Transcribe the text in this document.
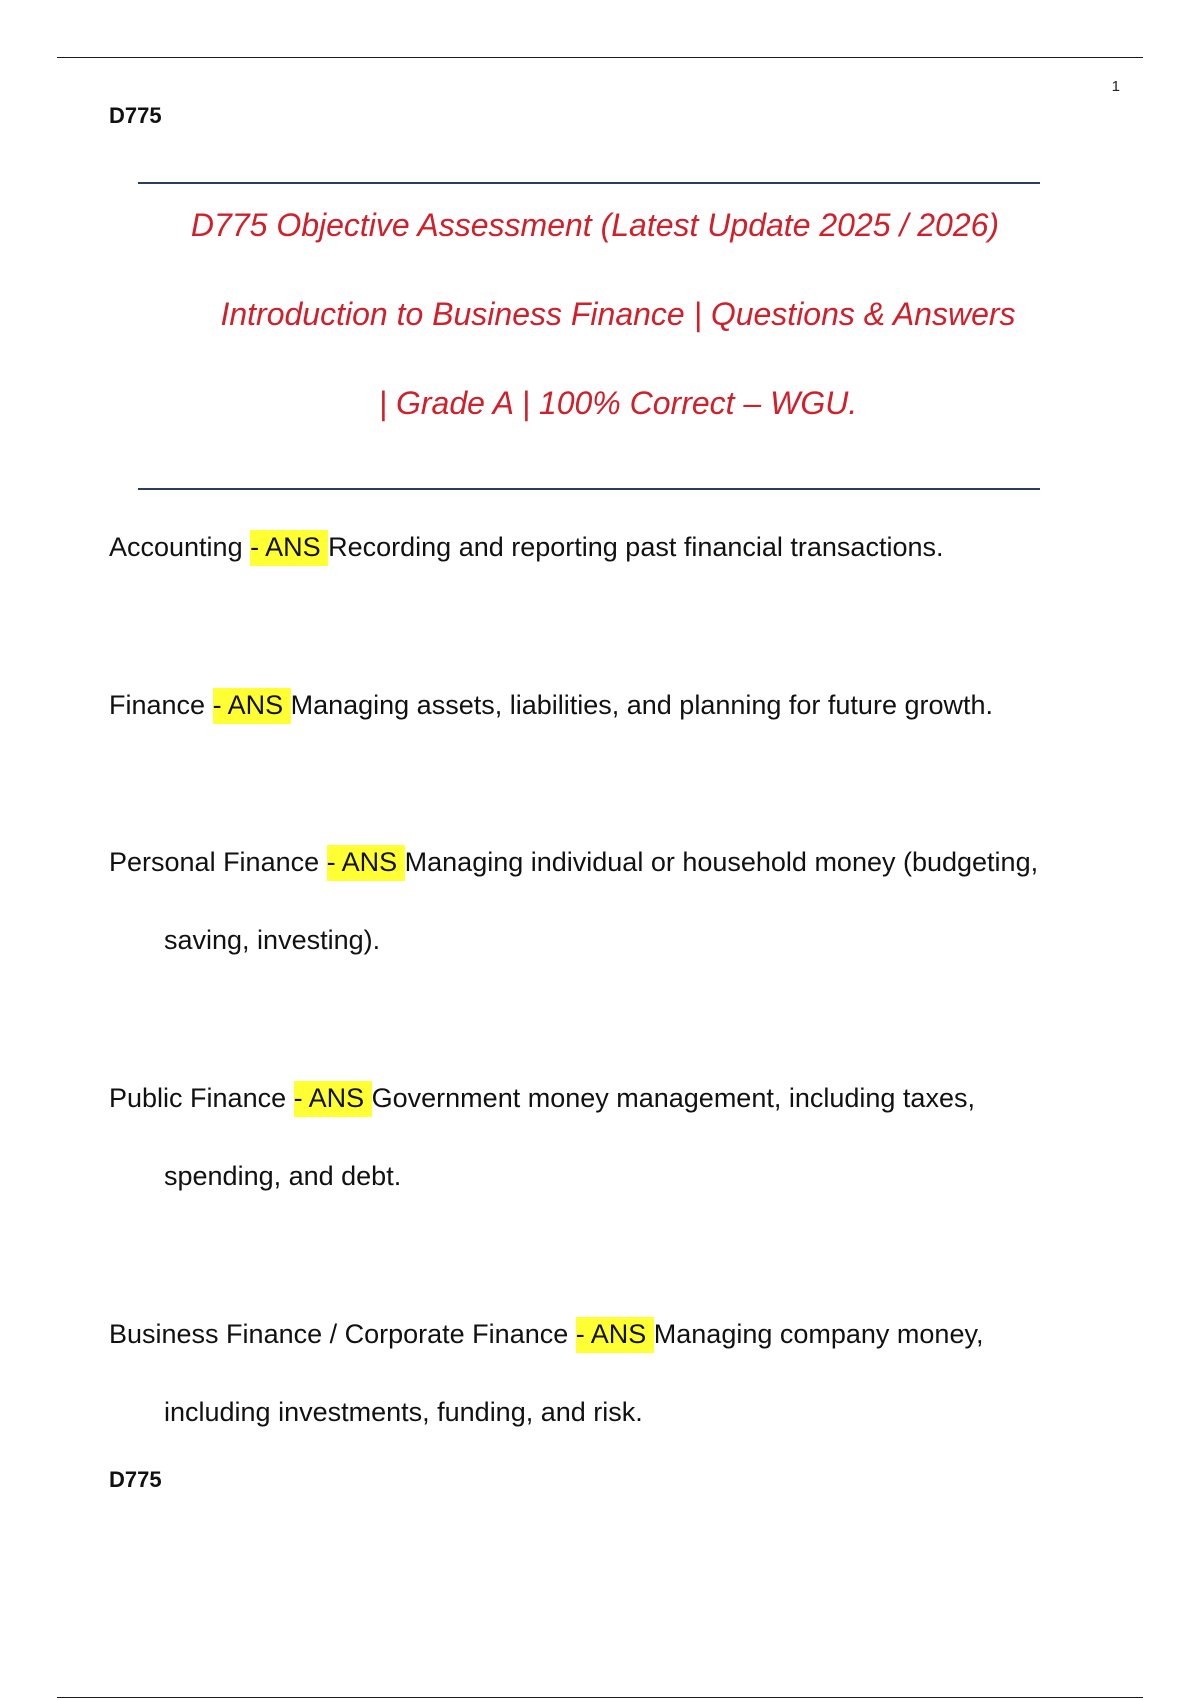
1
D775
D775 Objective Assessment (Latest Update 2025 / 2026)
Introduction to Business Finance | Questions & Answers
| Grade A | 100% Correct – WGU.
Accounting - ANS Recording and reporting past financial transactions.
Finance - ANS Managing assets, liabilities, and planning for future growth.
Personal Finance - ANS Managing individual or household money (budgeting,
saving, investing).
Public Finance - ANS Government money management, including taxes,
spending, and debt.
Business Finance / Corporate Finance - ANS Managing company money,
including investments, funding, and risk.
D775
